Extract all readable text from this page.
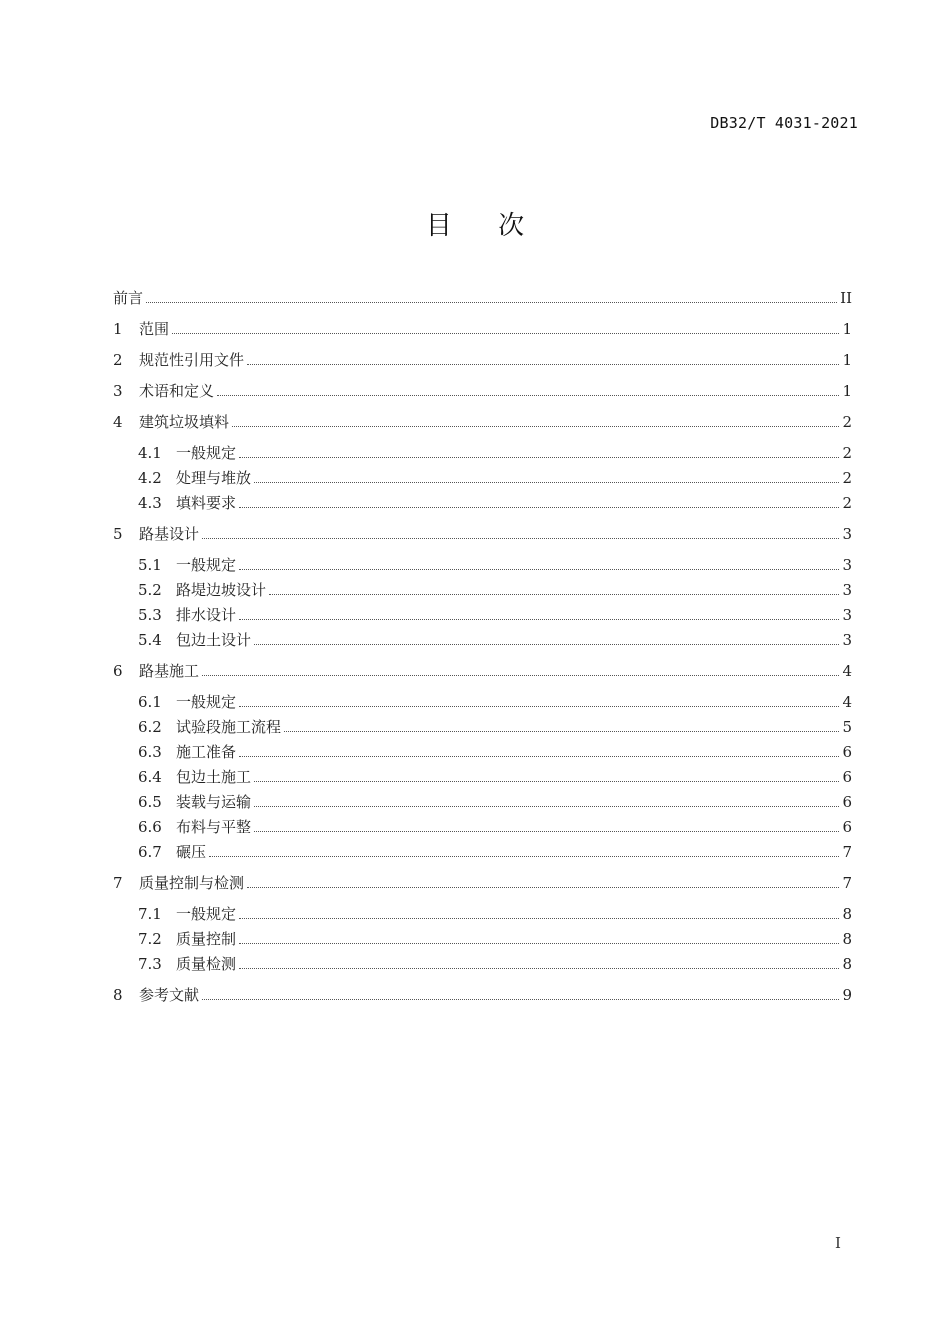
DB32/T 4031-2021
目 次
前言	II
1	范围	1
2	规范性引用文件	1
3	术语和定义	1
4	建筑垃圾填料	2
4.1 一般规定	2
4.2 处理与堆放	2
4.3 填料要求	2
5	路基设计	3
5.1 一般规定	3
5.2 路堤边坡设计	3
5.3 排水设计	3
5.4 包边土设计	3
6	路基施工	4
6.1 一般规定	4
6.2 试验段施工流程	5
6.3 施工准备	6
6.4 包边土施工	6
6.5 装载与运输	6
6.6 布料与平整	6
6.7 碾压	7
7	质量控制与检测	7
7.1 一般规定	8
7.2 质量控制	8
7.3 质量检测	8
8	参考文献	9
I
